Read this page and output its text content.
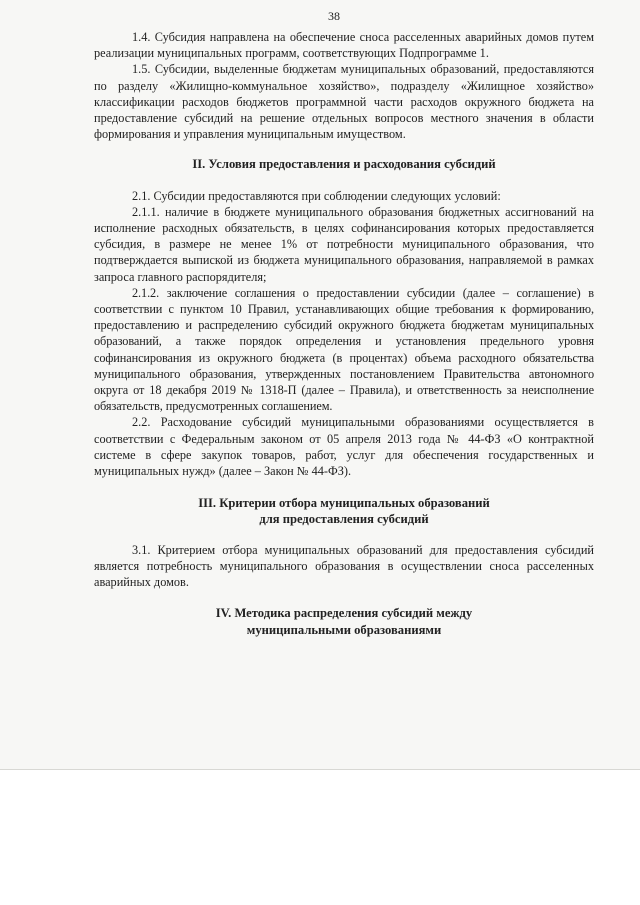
38

1.4. Субсидия направлена на обеспечение сноса расселенных аварийных домов путем реализации муниципальных программ, соответствующих Подпрограмме 1.

1.5. Субсидии, выделенные бюджетам муниципальных образований, предоставляются по разделу «Жилищно-коммунальное хозяйство», подразделу «Жилищное хозяйство» классификации расходов бюджетов программной части расходов окружного бюджета на предоставление субсидий на решение отдельных вопросов местного значения в области формирования и управления муниципальным имуществом.

II. Условия предоставления и расходования субсидий

2.1. Субсидии предоставляются при соблюдении следующих условий:

2.1.1. наличие в бюджете муниципального образования бюджетных ассигнований на исполнение расходных обязательств, в целях софинансирования которых предоставляется субсидия, в размере не менее 1% от потребности муниципального образования, что подтверждается выпиской из бюджета муниципального образования, направляемой в рамках запроса главного распорядителя;

2.1.2. заключение соглашения о предоставлении субсидии (далее – соглашение) в соответствии с пунктом 10 Правил, устанавливающих общие требования к формированию, предоставлению и распределению субсидий окружного бюджета бюджетам муниципальных образований, а также порядок определения и установления предельного уровня софинансирования из окружного бюджета (в процентах) объема расходного обязательства муниципального образования, утвержденных постановлением Правительства автономного округа от 18 декабря 2019 № 1318-П (далее – Правила), и ответственность за неисполнение обязательств, предусмотренных соглашением.

2.2. Расходование субсидий муниципальными образованиями осуществляется в соответствии с Федеральным законом от 05 апреля 2013 года № 44-ФЗ «О контрактной системе в сфере закупок товаров, работ, услуг для обеспечения государственных и муниципальных нужд» (далее – Закон № 44-ФЗ).

III. Критерии отбора муниципальных образований
для предоставления субсидий

3.1. Критерием отбора муниципальных образований для предоставления субсидий является потребность муниципального образования в осуществлении сноса расселенных аварийных домов.

IV. Методика распределения субсидий между
муниципальными образованиями
